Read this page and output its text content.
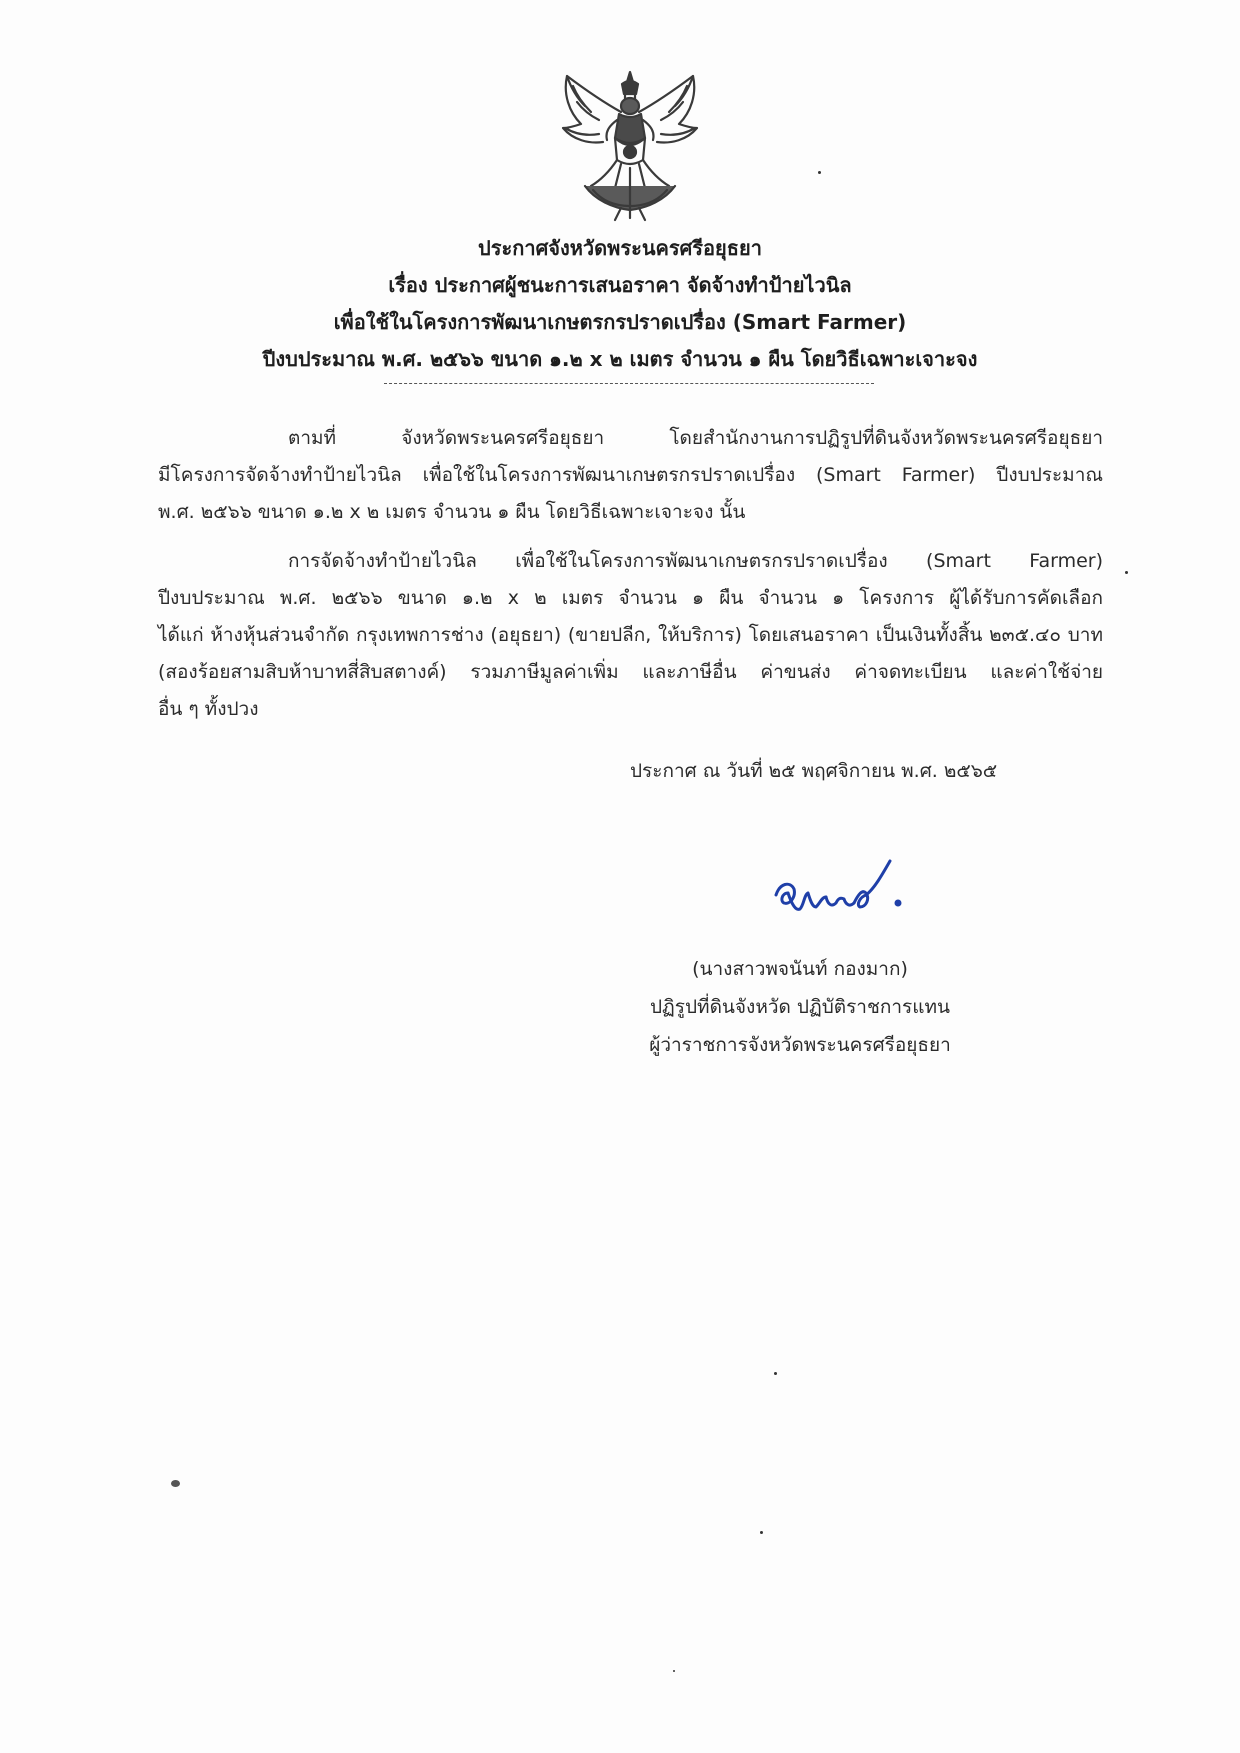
ประกาศจังหวัดพระนครศรีอยุธยา
เรื่อง ประกาศผู้ชนะการเสนอราคา จัดจ้างทำป้ายไวนิล
เพื่อใช้ในโครงการพัฒนาเกษตรกรปราดเปรื่อง (Smart Farmer)
ปีงบประมาณ พ.ศ. ๒๕๖๖ ขนาด ๑.๒ x ๒ เมตร จำนวน ๑ ผืน โดยวิธีเฉพาะเจาะจง
ตามที่ จังหวัดพระนครศรีอยุธยา โดยสำนักงานการปฏิรูปที่ดินจังหวัดพระนครศรีอยุธยา
มีโครงการจัดจ้างทำป้ายไวนิล เพื่อใช้ในโครงการพัฒนาเกษตรกรปราดเปรื่อง (Smart Farmer) ปีงบประมาณ
พ.ศ. ๒๕๖๖ ขนาด ๑.๒ x ๒ เมตร จำนวน ๑ ผืน โดยวิธีเฉพาะเจาะจง นั้น
การจัดจ้างทำป้ายไวนิล เพื่อใช้ในโครงการพัฒนาเกษตรกรปราดเปรื่อง (Smart Farmer)
ปีงบประมาณ พ.ศ. ๒๕๖๖ ขนาด ๑.๒ x ๒ เมตร จำนวน ๑ ผืน จำนวน ๑ โครงการ ผู้ได้รับการคัดเลือก
ได้แก่ ห้างหุ้นส่วนจำกัด กรุงเทพการช่าง (อยุธยา) (ขายปลีก, ให้บริการ) โดยเสนอราคา เป็นเงินทั้งสิ้น ๒๓๕.๔๐ บาท
(สองร้อยสามสิบห้าบาทสี่สิบสตางค์) รวมภาษีมูลค่าเพิ่ม และภาษีอื่น ค่าขนส่ง ค่าจดทะเบียน และค่าใช้จ่าย
อื่น ๆ ทั้งปวง
ประกาศ ณ วันที่ ๒๕ พฤศจิกายน พ.ศ. ๒๕๖๕
(นางสาวพจนันท์ กองมาก)
ปฏิรูปที่ดินจังหวัด ปฏิบัติราชการแทน
ผู้ว่าราชการจังหวัดพระนครศรีอยุธยา
